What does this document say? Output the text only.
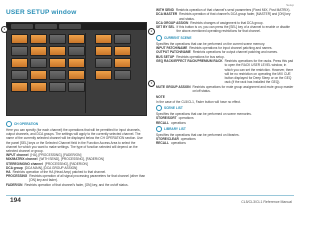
Setup
USER SETUP window
1	2
3
CH OPERATION
Here you can specify (for each channel) the operations that will be permitted for input channels, output channels, and DCA groups. The settings will apply to the currently selected channel. The name of the currently selected channel will be displayed below the CH OPERATION section. Use the panel [SEL] keys or the Selected Channel field in the Function Access Area to select the channel for which you want to make settings. The type of function selected will depend on the selected channel or group.
INPUT channel [HA], [PROCESSING], [FADER/ON]
MIX/MATRIX channel [WITH SEND], [PROCESSING], [FADER/ON]
STEREO/MONO channel [PROCESSING], [FADER/ON]
DCA group [DCA MAIN], [DCA GROUP ASSIGN]
HA Restricts operation of the HA (Head Amp) patched to that channel.
PROCESSING Restricts operation of all signal processing parameters for that channel (other than [ON] key and fader).
FADER/ON Restricts operation of that channel's fader, [ON] key, and the on/off status.
WITH SEND Restricts operation of that channel's send parameters (Fixed MIX, Post MATRIX).
DCA MASTER Restricts operation of that channel's DCA group fader, [MASTER] and [ON] key and status.
DCA GROUP ASSIGN Restricts changes of assignment to that DCA group.
SET BY SEL If this button is on, you can press the [SEL] key of a channel to enable or disable the above-mentioned operating restrictions for that channel.
CURRENT SCENE
Specifies the operations that can be performed on the current scene memory.
INPUT PATCH/NAME Restricts operations for input channel patching and names.
OUTPUT PATCH/NAME Restricts operations for output channel patching and names.
BUS SETUP Restricts operations for bus setup.
GEQ RACK/EFFECT RACK/PREMIUM RACK Restricts operations for the racks. Press this pad to open the RACK USER LEVEL window, in which you can set the restriction. However, there will be no restriction on operating the MIX CUE button displayed for Deep Sleep or on the GEQ rack (if the rack has installed the GEQ).
MUTE GROUP ASSIGN Restricts operations for mute group assignment and mute group master on/off status.
NOTE
In the case of the CL5/CL1, Fader button will have no effect.
SCENE LIST
Specifies the operations that can be performed on scene memories.
STORE/SORT operations
RECALL operations
LIBRARY LIST
Specifies the operations that can be performed on libraries.
STORE/CLEAR operations
RECALL operations
194	CL5/CL3/CL1 Reference Manual
